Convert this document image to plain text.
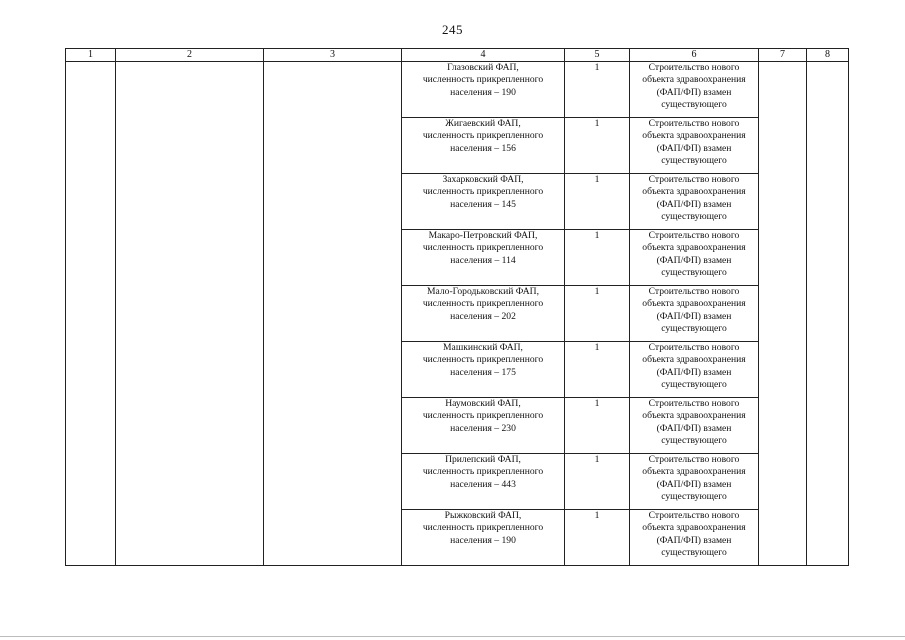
245
1	2	3	4	5	6	7	8

			Глазовский ФАП,
численность прикрепленного
населения – 190	1	Строительство нового
объекта здравоохранения
(ФАП/ФП) взамен
существующего		

			Жигаевский ФАП,
численность прикрепленного
населения – 156	1	Строительство нового
объекта здравоохранения
(ФАП/ФП) взамен
существующего		

			Захарковский ФАП,
численность прикрепленного
населения – 145	1	Строительство нового
объекта здравоохранения
(ФАП/ФП) взамен
существующего		

			Макаро-Петровский ФАП,
численность прикрепленного
населения – 114	1	Строительство нового
объекта здравоохранения
(ФАП/ФП) взамен
существующего		

			Мало-Городьковский ФАП,
численность прикрепленного
населения – 202	1	Строительство нового
объекта здравоохранения
(ФАП/ФП) взамен
существующего		

			Машкинский ФАП,
численность прикрепленного
населения – 175	1	Строительство нового
объекта здравоохранения
(ФАП/ФП) взамен
существующего		

			Наумовский ФАП,
численность прикрепленного
населения – 230	1	Строительство нового
объекта здравоохранения
(ФАП/ФП) взамен
существующего		

			Прилепский ФАП,
численность прикрепленного
населения – 443	1	Строительство нового
объекта здравоохранения
(ФАП/ФП) взамен
существующего		

			Рыжковский ФАП,
численность прикрепленного
населения – 190	1	Строительство нового
объекта здравоохранения
(ФАП/ФП) взамен
существующего		
